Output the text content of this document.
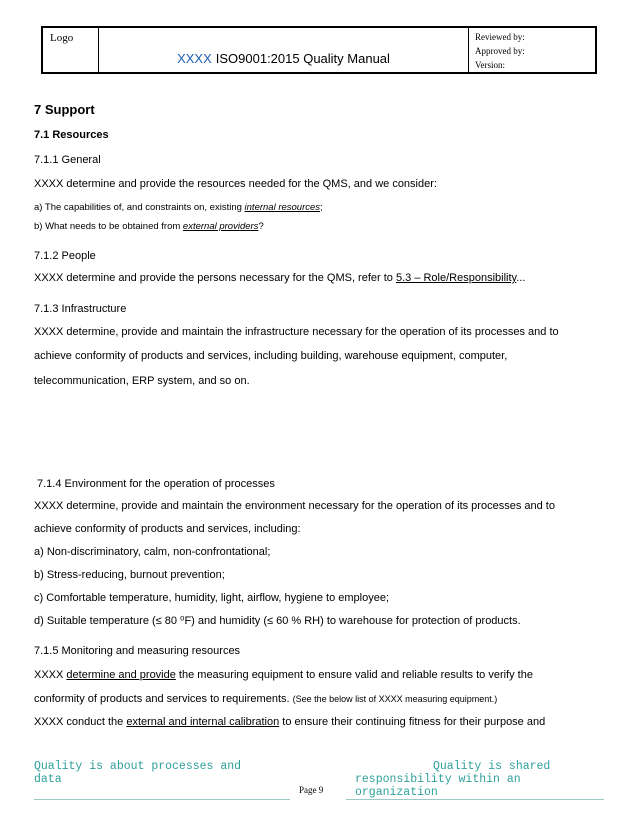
Logo
XXXX ISO9001:2015 Quality Manual
Reviewed by:
Approved by:
Version:
7 Support
7.1 Resources
7.1.1 General
XXXX determine and provide the resources needed for the QMS, and we consider:
a) The capabilities of, and constraints on, existing internal resources;
b) What needs to be obtained from external providers?
7.1.2 People
XXXX determine and provide the persons necessary for the QMS, refer to 5.3 – Role/Responsibility...
7.1.3 Infrastructure
XXXX determine, provide and maintain the infrastructure necessary for the operation of its processes and to
achieve conformity of products and services, including building, warehouse equipment, computer,
telecommunication, ERP system, and so on.
7.1.4 Environment for the operation of processes
XXXX determine, provide and maintain the environment necessary for the operation of its processes and to
achieve conformity of products and services, including:
a) Non-discriminatory, calm, non-confrontational;
b) Stress-reducing, burnout prevention;
c) Comfortable temperature, humidity, light, airflow, hygiene to employee;
d) Suitable temperature (≤ 80 ⁰F) and humidity (≤ 60 % RH) to warehouse for protection of products.
7.1.5 Monitoring and measuring resources
XXXX determine and provide the measuring equipment to ensure valid and reliable results to verify the
conformity of products and services to requirements. (See the below list of XXXX measuring equipment.)
XXXX conduct the external and internal calibration to ensure their continuing fitness for their purpose and
Quality is about processes and
data
Page 9
Quality is shared
responsibility within an
organization
